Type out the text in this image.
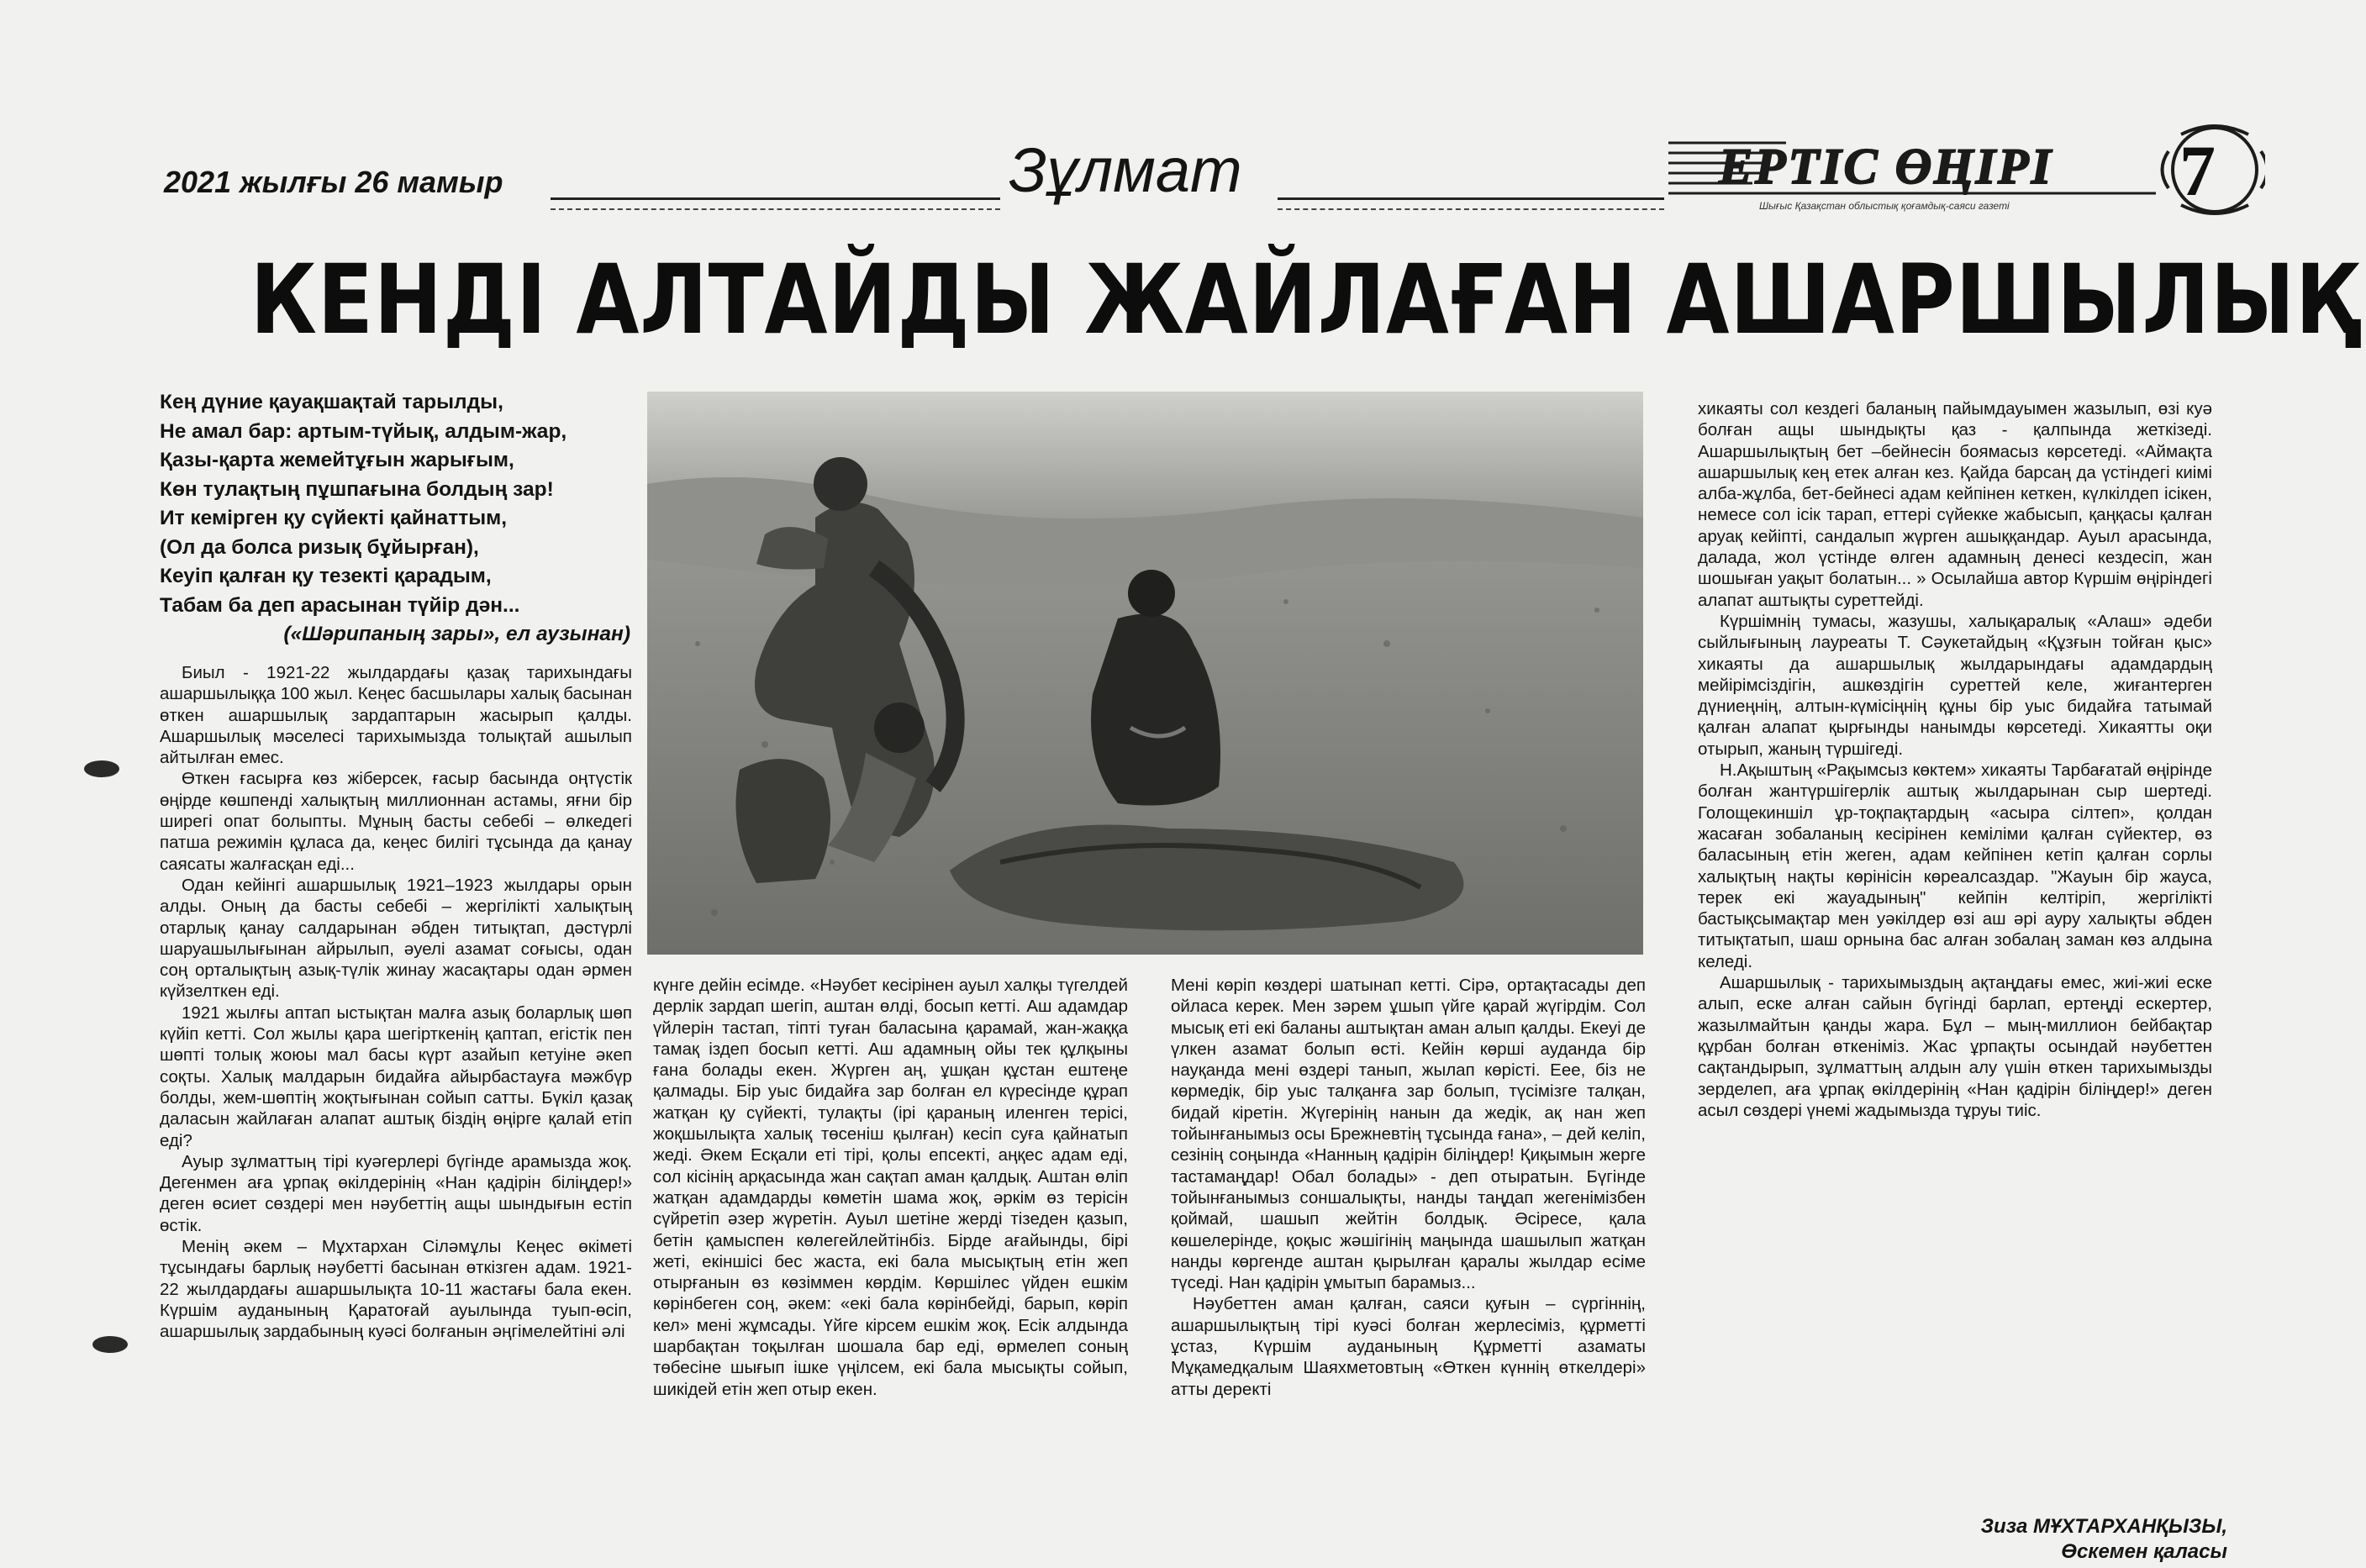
2021 жылғы 26 мамыр	Зұлмат	ЕРТІС ӨҢІРІ
Шығыс Қазақстан облыстық қоғамдық-саяси газеті 7
КЕНДІ АЛТАЙДЫ ЖАЙЛАҒАН АШАРШЫЛЫҚ
Кең дүние қауақшақтай тарылды,
Не амал бар: артым-түйық, алдым-жар,
Қазы-қарта жемейтұғын жарығым,
Көн тулақтың пұшпағына болдың зар!
Ит кемірген қу сүйекті қайнаттым,
(Ол да болса ризық бұйырған),
Кеуіп қалған қу тезекті қарадым,
Табам ба деп арасынан түйір дән...
(«Шәрипаның зары», ел аузынан)

Биыл - 1921-22 жылдардағы қазақ тарихындағы ашаршылыққа 100 жыл. Кеңес басшылары халық басынан өткен ашаршылық зардаптарын жасырып қалды. Ашаршылық мәселесі тарихымызда толықтай ашылып айтылған емес.

Өткен ғасырға көз жіберсек, ғасыр басында оңтүстік өңірде көшпенді халықтың миллионнан астамы, яғни бір ширегі опат болыпты. Мұның басты себебі – өлкедегі патша режимін құласа да, кеңес билігі тұсында да қанау саясаты жалғасқан еді...

Одан кейінгі ашаршылық 1921–1923 жылдары орын алды. Оның да басты себебі – жергілікті халықтың отарлық қанау салдарынан әбден титықтап, дәстүрлі шаруашылығынан айрылып, әуелі азамат соғысы, одан соң орталықтың азық-түлік жинау жасақтары одан әрмен күйзелткен еді.

1921 жылғы аптап ыстықтан малға азық боларлық шөп күйіп кетті. Сол жылы қара шегірткенің қаптап, егістік пен шөпті толық жоюы мал басы күрт азайып кетуіне әкеп соқты. Халық малдарын бидайға айырбастауға мәжбүр болды, жем-шөптің жоқтығынан сойып сатты. Бүкіл қазақ даласын жайлаған алапат аштық біздің өңірге қалай етіп еді?

Ауыр зұлматтың тірі куәгерлері бүгінде арамызда жоқ. Дегенмен аға ұрпақ өкілдерінің «Нан қадірін біліңдер!» деген өсиет сөздері мен нәубеттің ащы шындығын естіп өстік.

Менің әкем – Мұхтархан Сілəмұлы Кеңес өкіметі тұсындағы барлық нәубетті басынан өткізген адам. 1921-22 жылдардағы ашаршылықта 10-11 жастағы бала екен. Күршім ауданының Қаратоғай ауылында туып-өсіп, ашаршылық зардабының куәсі болғанын әңгімелейтіні әлі

күнге дейін есімде. «Нәубет кесірінен ауыл халқы түгелдей дерлік зардап шегіп, аштан өлді, босып кетті. Аш адамдар үйлерін тастап, тіпті туған баласына қарамай, жан-жаққа тамақ іздеп босып кетті. Аш адамның ойы тек құлқыны ғана болады екен. Жүрген аң, ұшқан құстан ештеңе қалмады. Бір уыс бидайға зар болған ел күресінде құрап жатқан қу сүйекті, тулақты (ірі қараның иленген терісі, жоқшылықта халық төсеніш қылған) кесіп суға қайнатып жеді. Әкем Есқали еті тірі, қолы епсекті, аңқес адам еді, сол кісінің арқасында жан сақтап аман қалдық. Аштан өліп жатқан адамдарды көметін шама жоқ, әркім өз терісін сүйретіп әзер жүретін. Ауыл шетіне жерді тізеден қазып, бетін қамыспен көлегейлейтінбіз. Бірде ағайынды, бірі жеті, екіншісі бес жаста, екі бала мысықтың етін жеп отырғанын өз көзіммен көрдім. Көршілес үйден ешкім көрінбеген соң, әкем: «екі бала көрінбейді, барып, көріп кел» мені жұмсады. Үйге кірсем ешкім жоқ. Есік алдында шарбақтан тоқылған шошала бар еді, өрмелеп соның төбесіне шығып ішке үңілсем, екі бала мысықты сойып, шикідей етін жеп отыр екен.

Мені көріп көздері шатынап кетті. Сірә, ортақтасады деп ойласа керек. Мен зәрем ұшып үйге қарай жүгірдім. Сол мысық еті екі баланы аштықтан аман алып қалды. Екеуі де үлкен азамат болып өсті. Кейін көрші ауданда бір науқанда мені өздері танып, жылап көрісті. Еее, біз не көрмедік, бір уыс талқанға зар болып, түсімізге талқан, бидай кіретін. Жүгерінің нанын да жедік, ақ нан жеп тойынғанымыз осы Брежневтің тұсында ғана», – дей келіп, сезінің соңында «Нанның қадірін біліңдер! Қиқымын жерге тастамаңдар! Обал болады» - деп отыратын. Бүгінде тойынғанымыз соншалықты, нанды таңдап жегенімізбен қоймай, шашып жейтін болдық. Әсіресе, қала көшелерінде, қоқыс жәшігінің маңында шашылып жатқан нанды көргенде аштан қырылған қаралы жылдар есіме түседі. Нан қадірін ұмытып барамыз...

Нәубеттен аман қалған, саяси қуғын – сүргіннің, ашаршылықтың тірі куәсі болған жерлесіміз, құрметті ұстаз, Күршім ауданының Құрметті азаматы Мұқамедқалым Шаяхметовтың «Өткен күннің өткелдері» атты деректі

хикаяты сол кездегі баланың пайымдауымен жазылып, өзі куә болған ащы шындықты қаз - қалпында жеткізеді. Ашаршылықтың бет –бейнесін боямасыз көрсетеді. «Аймақта ашаршылық кең етек алған кез. Қайда барсаң да үстіндегі киімі алба-жұлба, бет-бейнесі адам кейпінен кеткен, күлкілдеп ісікен, немесе сол ісік тарап, еттері сүйекке жабысып, қаңқасы қалған аруақ кейіпті, сандалып жүрген ашыққандар. Ауыл арасында, далада, жол үстінде өлген адамның денесі кездесіп, жан шошыған уақыт болатын... » Осылайша автор Күршім өңіріндегі алапат аштықты суреттейді.

Күршімнің тумасы, жазушы, халықаралық «Алаш» әдеби сыйлығының лауреаты Т. Сәукетайдың «Құзғын тойған қыс» хикаяты да ашаршылық жылдарындағы адамдардың мейірімсіздігін, ашкөздігін суреттей келе, жиғантерген дүниеңнің, алтын-күмісіңнің құны бір уыс бидайға татымай қалған алапат қырғынды нанымды көрсетеді. Хикаятты оқи отырып, жаның түршігеді.

Н.Ақыштың «Рақымсыз көктем» хикаяты Тарбағатай өңірінде болған жантүршігерлік аштық жылдарынан сыр шертеді. Голощекиншіл ұр-тоқпақтардың «асыра сілтеп», қолдан жасаған зобаланың кесірінен кеміліми қалған сүйектер, өз баласының етін жеген, адам кейпінен кетіп қалған сорлы халықтың нақты көрінісін көреалсаздар. "Жауын бір жауса, терек екі жауадының" кейпін келтіріп, жергілікті бастықсымақтар мен уәкілдер өзі аш әрі ауру халықты әбден титықтатып, шаш орнына бас алған зобалаң заман көз алдына келеді.

Ашаршылық - тарихымыздың ақтаңдағы емес, жиі-жиі еске алып, еске алған сайын бүгінді барлап, ертеңді ескертер, жазылмайтын қанды жара. Бұл – мың-миллион бейбақтар құрбан болған өткеніміз. Жас ұрпақты осындай нәубеттен сақтандырып, зұлматтың алдын алу үшін өткен тарихымызды зерделеп, аға ұрпақ өкілдерінің «Нан қадірін біліңдер!» деген асыл сөздері үнемі жадымызда тұруы тиіс.

Зиза МҰХТАРХАНҚЫЗЫ,
Өскемен қаласы
